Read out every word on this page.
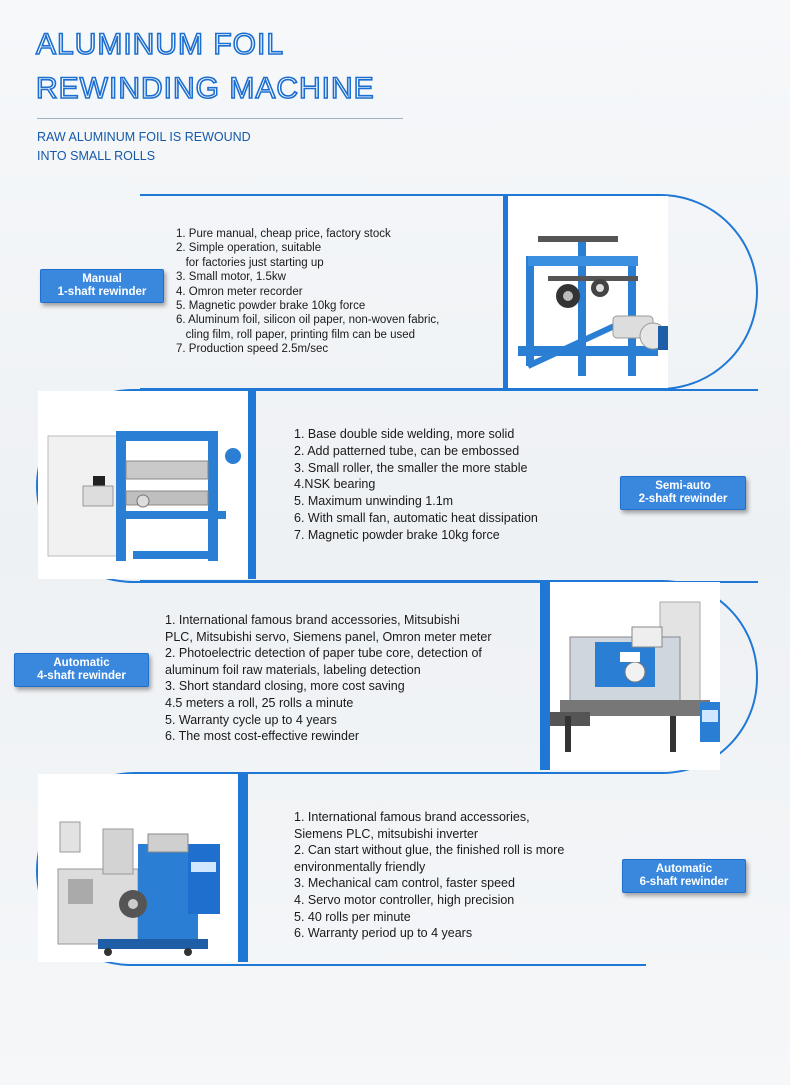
ALUMINUM FOIL
REWINDING MACHINE
RAW ALUMINUM FOIL IS REWOUND
INTO SMALL ROLLS
1. Pure manual, cheap price, factory stock
2. Simple operation, suitable
for factories just starting up
3. Small motor, 1.5kw
4. Omron meter recorder
5. Magnetic powder brake 10kg force
6. Aluminum foil, silicon oil paper, non-woven fabric,
cling film, roll paper, printing film can be used
7. Production speed 2.5m/sec
Manual
1-shaft rewinder
1. Base double side welding, more solid
2. Add patterned tube, can be embossed
3. Small roller, the smaller the more stable
4.NSK bearing
5. Maximum unwinding 1.1m
6. With small fan, automatic heat dissipation
7. Magnetic powder brake 10kg force
Semi-auto
2-shaft rewinder
1. International famous brand accessories, Mitsubishi
PLC, Mitsubishi servo, Siemens panel, Omron meter meter
2. Photoelectric detection of paper tube core, detection of
aluminum foil raw materials, labeling detection
3. Short standard closing, more cost saving
4.5 meters a roll, 25 rolls a minute
5. Warranty cycle up to 4 years
6. The most cost-effective rewinder
Automatic
4-shaft rewinder
1. International famous brand accessories,
Siemens PLC, mitsubishi inverter
2. Can start without glue, the finished roll is more
environmentally friendly
3. Mechanical cam control, faster speed
4. Servo motor controller, high precision
5. 40 rolls per minute
6. Warranty period up to 4 years
Automatic
6-shaft rewinder
